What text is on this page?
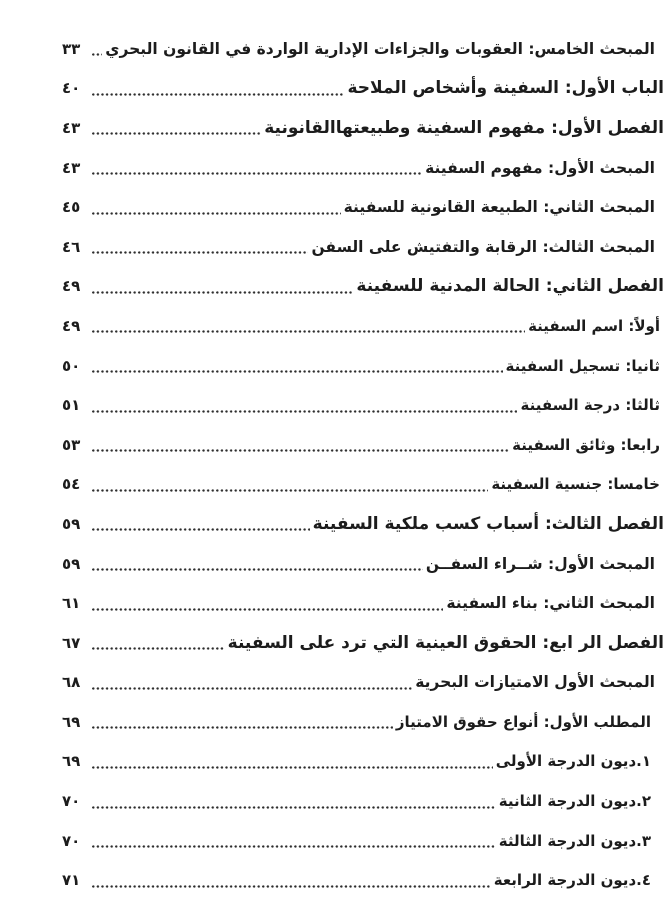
المبحث الخامس: العقوبات والجزاءات الإدارية الواردة في القانون البحري
٣٣
الباب الأول: السفينة وأشخاص الملاحة
٤٠
الفصل الأول: مفهوم السفينة وطبيعتهاالقانونية
٤٣
المبحث الأول: مفهوم السفينة
٤٣
المبحث الثاني: الطبيعة القانونية للسفينة
٤٥
المبحث الثالث: الرقابة والتفتيش على السفن
٤٦
الفصل الثاني: الحالة المدنية للسفينة
٤٩
أولاً: اسم السفينة
٤٩
ثانيا: تسجيل السفينة
٥٠
ثالثا: درجة السفينة
٥١
رابعا: وثائق السفينة
٥٣
خامسا: جنسية السفينة
٥٤
الفصل الثالث: أسباب كسب ملكية السفينة
٥٩
المبحث الأول: شــراء السفــن
٥٩
المبحث الثاني: بناء السفينة
٦١
الفصل الر ابع: الحقوق العينية التي ترد على السفينة
٦٧
المبحث الأول الامتيازات البحرية
٦٨
المطلب الأول: أنواع حقوق الامتياز
٦٩
١.ديون الدرجة الأولى
٦٩
٢.ديون الدرجة الثانية
٧٠
٣.ديون الدرجة الثالثة
٧٠
٤.ديون الدرجة الرابعة
٧١
